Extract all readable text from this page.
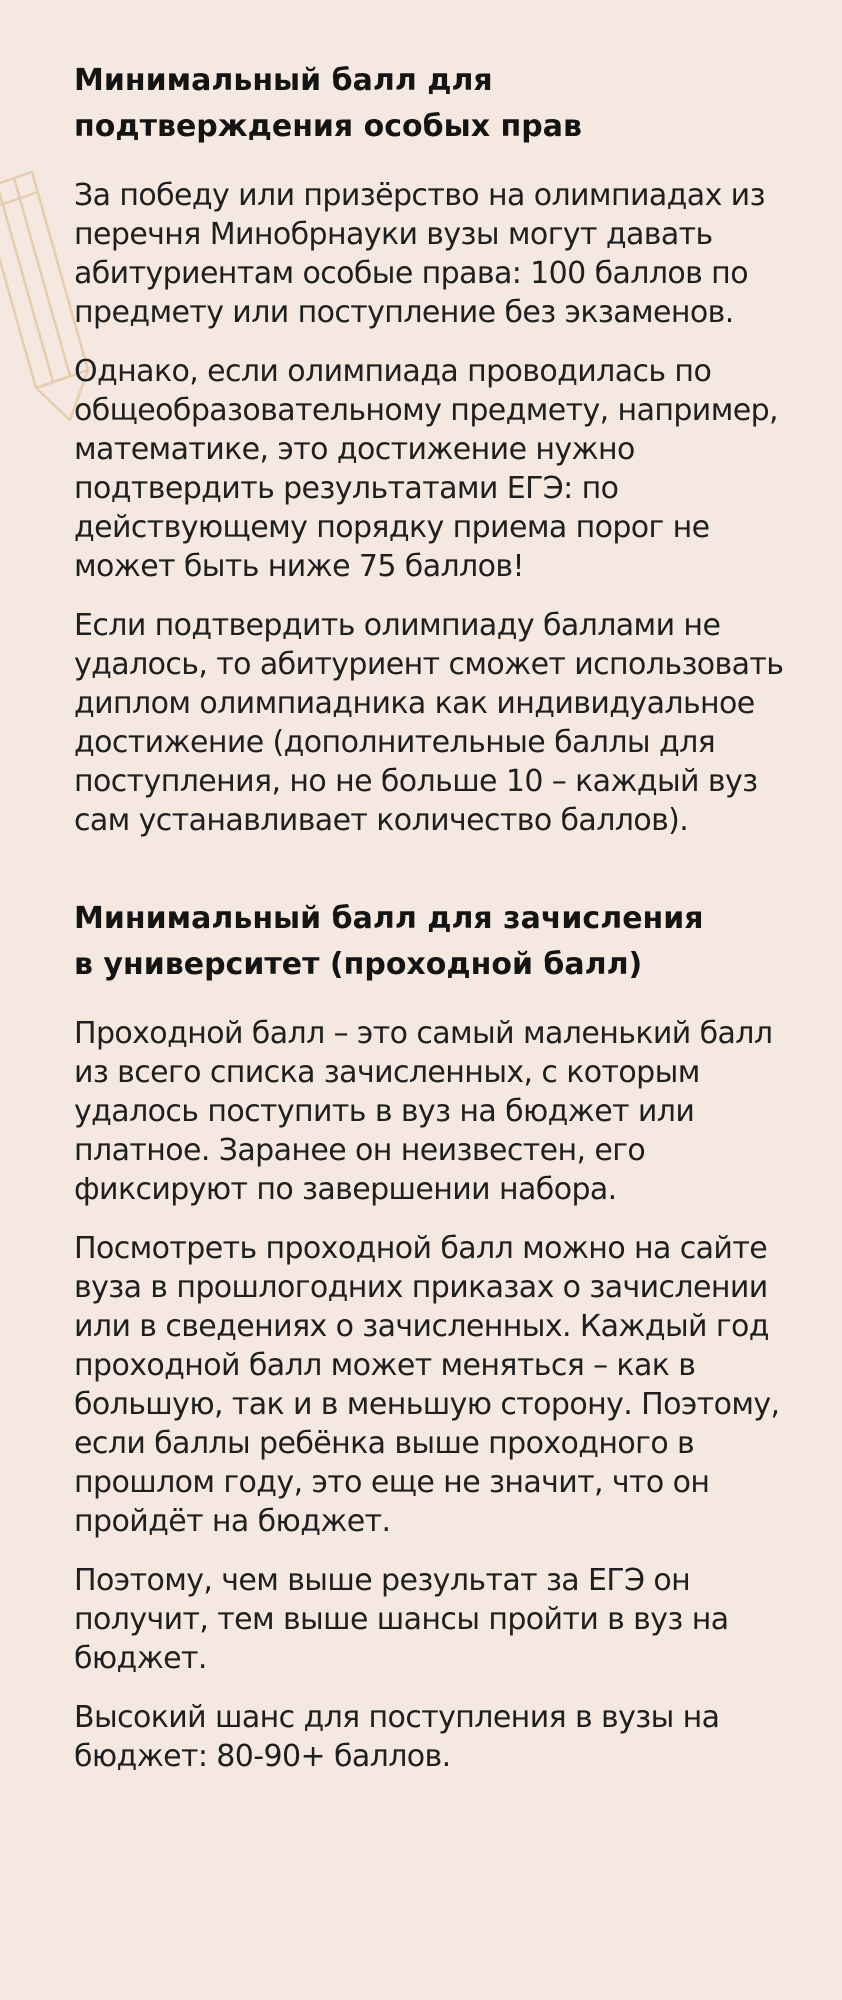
Минимальный балл для
подтверждения особых прав

За победу или призёрство на олимпиадах из перечня Минобрнауки вузы могут давать абитуриентам особые права: 100 баллов по предмету или поступление без экзаменов.

Однако, если олимпиада проводилась по общеобразовательному предмету, например, математике, это достижение нужно подтвердить результатами ЕГЭ: по действующему порядку приема порог не может быть ниже 75 баллов!

Если подтвердить олимпиаду баллами не удалось, то абитуриент сможет использовать диплом олимпиадника как индивидуальное достижение (дополнительные баллы для поступления, но не больше 10 – каждый вуз сам устанавливает количество баллов).

Минимальный балл для зачисления
в университет (проходной балл)

Проходной балл – это самый маленький балл из всего списка зачисленных, с которым удалось поступить в вуз на бюджет или платное. Заранее он неизвестен, его фиксируют по завершении набора.

Посмотреть проходной балл можно на сайте вуза в прошлогодних приказах о зачислении или в сведениях о зачисленных. Каждый год проходной балл может меняться – как в большую, так и в меньшую сторону. Поэтому, если баллы ребёнка выше проходного в прошлом году, это еще не значит, что он пройдёт на бюджет.

Поэтому, чем выше результат за ЕГЭ он получит, тем выше шансы пройти в вуз на бюджет.

Высокий шанс для поступления в вузы на бюджет: 80-90+ баллов.
